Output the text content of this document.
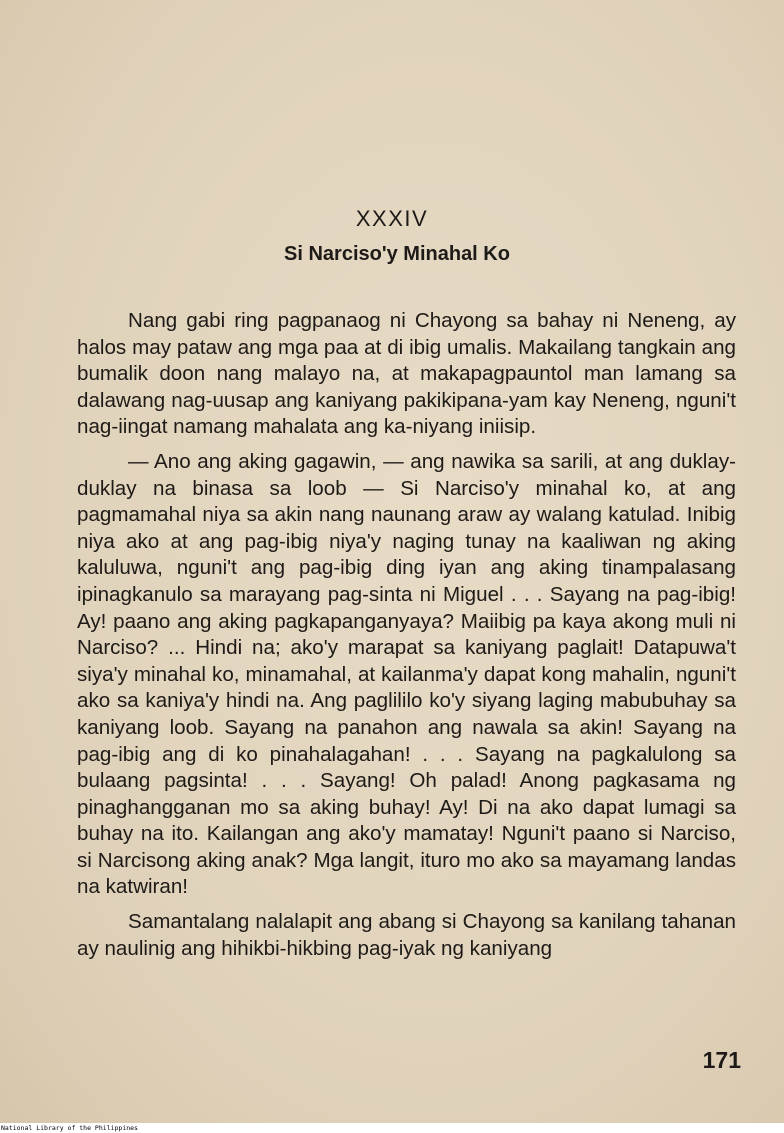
XXXIV
Si Narciso'y Minahal Ko

Nang gabi ring pagpanaog ni Chayong sa bahay ni Neneng, ay halos may pataw ang mga paa at di ibig umalis. Makailang tangkain ang bumalik doon nang malayo na, at makapagpauntol man lamang sa dalawang nag-uusap ang kaniyang pakikipana-yam kay Neneng, nguni't nag-iingat namang mahalata ang ka-niyang iniisip.

— Ano ang aking gagawin, — ang nawika sa sarili, at ang duklay-duklay na binasa sa loob — Si Narciso'y minahal ko, at ang pagmamahal niya sa akin nang naunang araw ay walang katulad. Inibig niya ako at ang pag-ibig niya'y naging tunay na kaaliwan ng aking kaluluwa, nguni't ang pag-ibig ding iyan ang aking tinampalasang ipinagkanulo sa marayang pag-sinta ni Miguel . . . Sayang na pag-ibig! Ay! paano ang aking pagkapanganyaya? Maiibig pa kaya akong muli ni Narciso? ... Hindi na; ako'y marapat sa kaniyang paglait! Datapuwa't siya'y minahal ko, minamahal, at kailanma'y dapat kong mahalin, nguni't ako sa kaniya'y hindi na. Ang paglililo ko'y siyang laging mabubuhay sa kaniyang loob. Sayang na panahon ang nawala sa akin! Sayang na pag-ibig ang di ko pinahalagahan! . . . Sayang na pagkalulong sa bulaang pagsinta! . . . Sayang! Oh palad! Anong pagkasama ng pinaghangganan mo sa aking buhay! Ay! Di na ako dapat lumagi sa buhay na ito. Kailangan ang ako'y mamatay! Nguni't paano si Narciso, si Narcisong aking anak? Mga langit, ituro mo ako sa mayamang landas na katwiran!

Samantalang nalalapit ang abang si Chayong sa kanilang tahanan ay naulinig ang hihikbi-hikbing pag-iyak ng kaniyang

171
National Library of the Philippines
